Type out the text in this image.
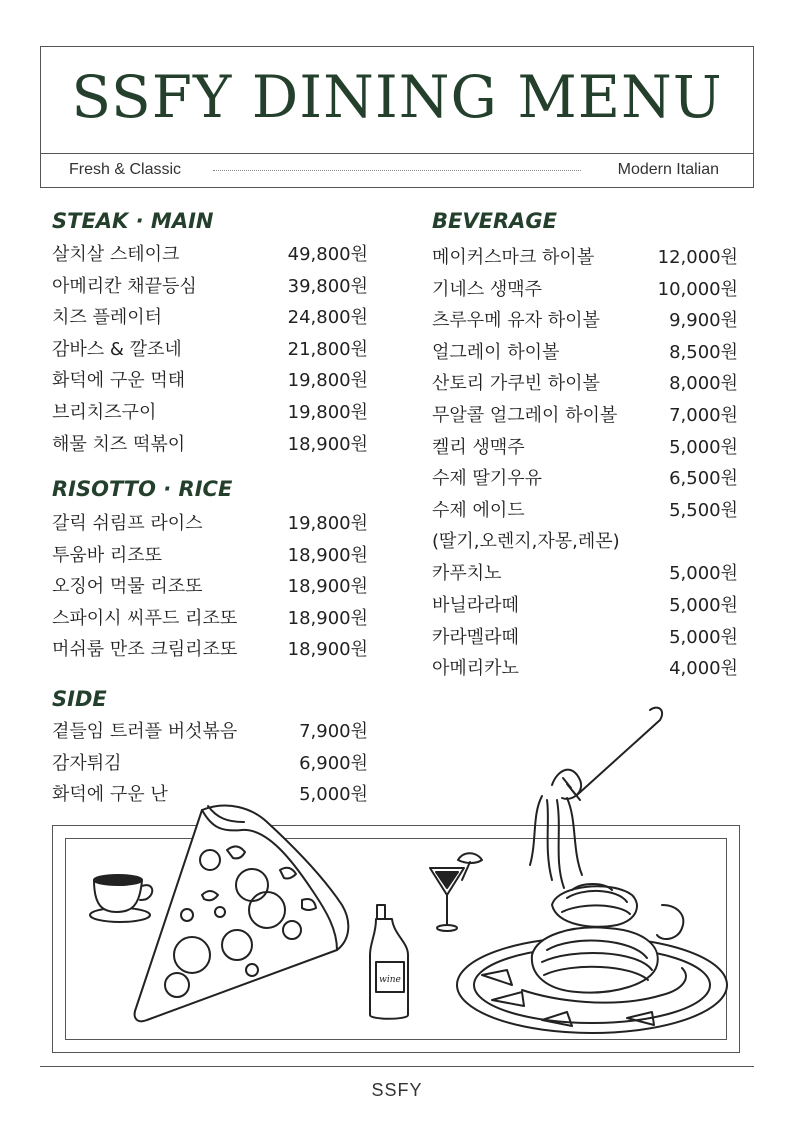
SSFY DINING MENU
Fresh & Classic	Modern Italian
STEAK · MAIN
살치살 스테이크	49,800원
아메리칸 채끝등심	39,800원
치즈 플레이터	24,800원
감바스 & 깔조네	21,800원
화덕에 구운 먹태	19,800원
브리치즈구이	19,800원
해물 치즈 떡볶이	18,900원
RISOTTO · RICE
갈릭 쉬림프 라이스	19,800원
투움바 리조또	18,900원
오징어 먹물 리조또	18,900원
스파이시 씨푸드 리조또	18,900원
머쉬룸 만조 크림리조또	18,900원
SIDE
곁들임 트러플 버섯볶음	7,900원
감자튀김	6,900원
화덕에 구운 난	5,000원
BEVERAGE
메이커스마크 하이볼	12,000원
기네스 생맥주	10,000원
츠루우메 유자 하이볼	9,900원
얼그레이 하이볼	8,500원
산토리 가쿠빈 하이볼	8,000원
무알콜 얼그레이 하이볼	7,000원
켈리 생맥주	5,000원
수제 딸기우유	6,500원
수제 에이드	5,500원
(딸기,오렌지,자몽,레몬)
카푸치노	5,000원
바닐라라떼	5,000원
카라멜라떼	5,000원
아메리카노	4,000원
wine
SSFY
